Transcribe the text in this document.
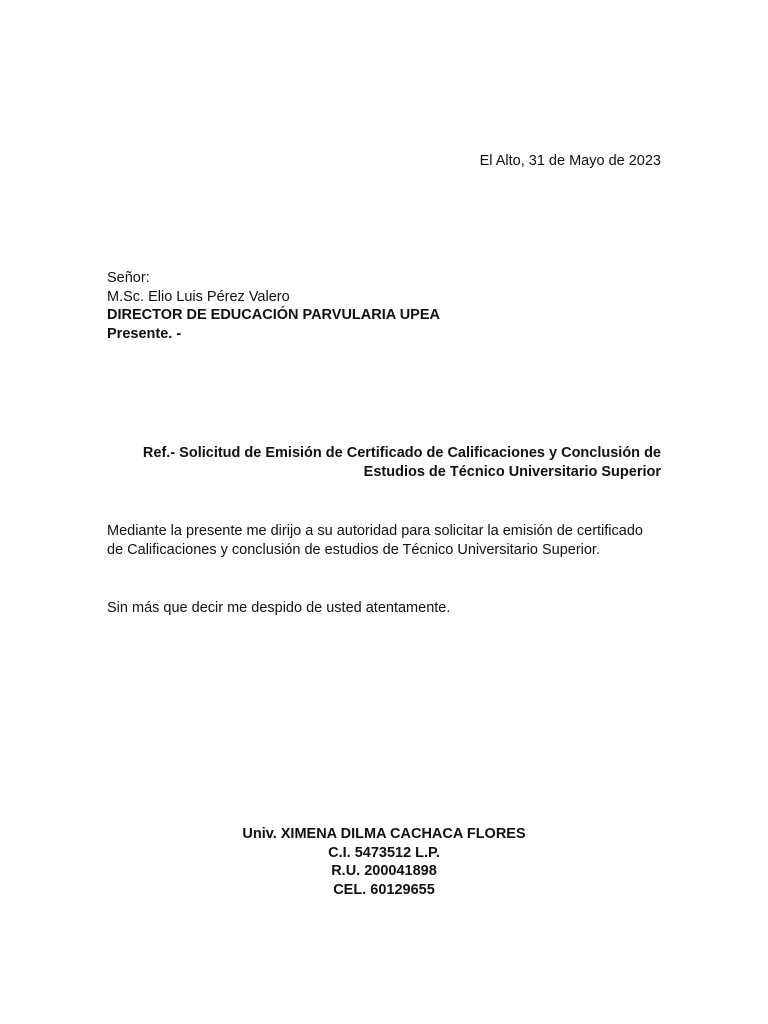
El Alto, 31 de Mayo de 2023
Señor:
M.Sc. Elio Luis Pérez Valero
DIRECTOR DE EDUCACIÓN PARVULARIA UPEA
Presente. -
Ref.- Solicitud de Emisión de Certificado de Calificaciones y Conclusión de
Estudios de Técnico Universitario Superior
Mediante la presente me dirijo a su autoridad para solicitar la emisión de certificado
de Calificaciones y conclusión de estudios de Técnico Universitario Superior.
Sin más que decir me despido de usted atentamente.
Univ. XIMENA DILMA CACHACA FLORES
C.I. 5473512 L.P.
R.U. 200041898
CEL. 60129655
